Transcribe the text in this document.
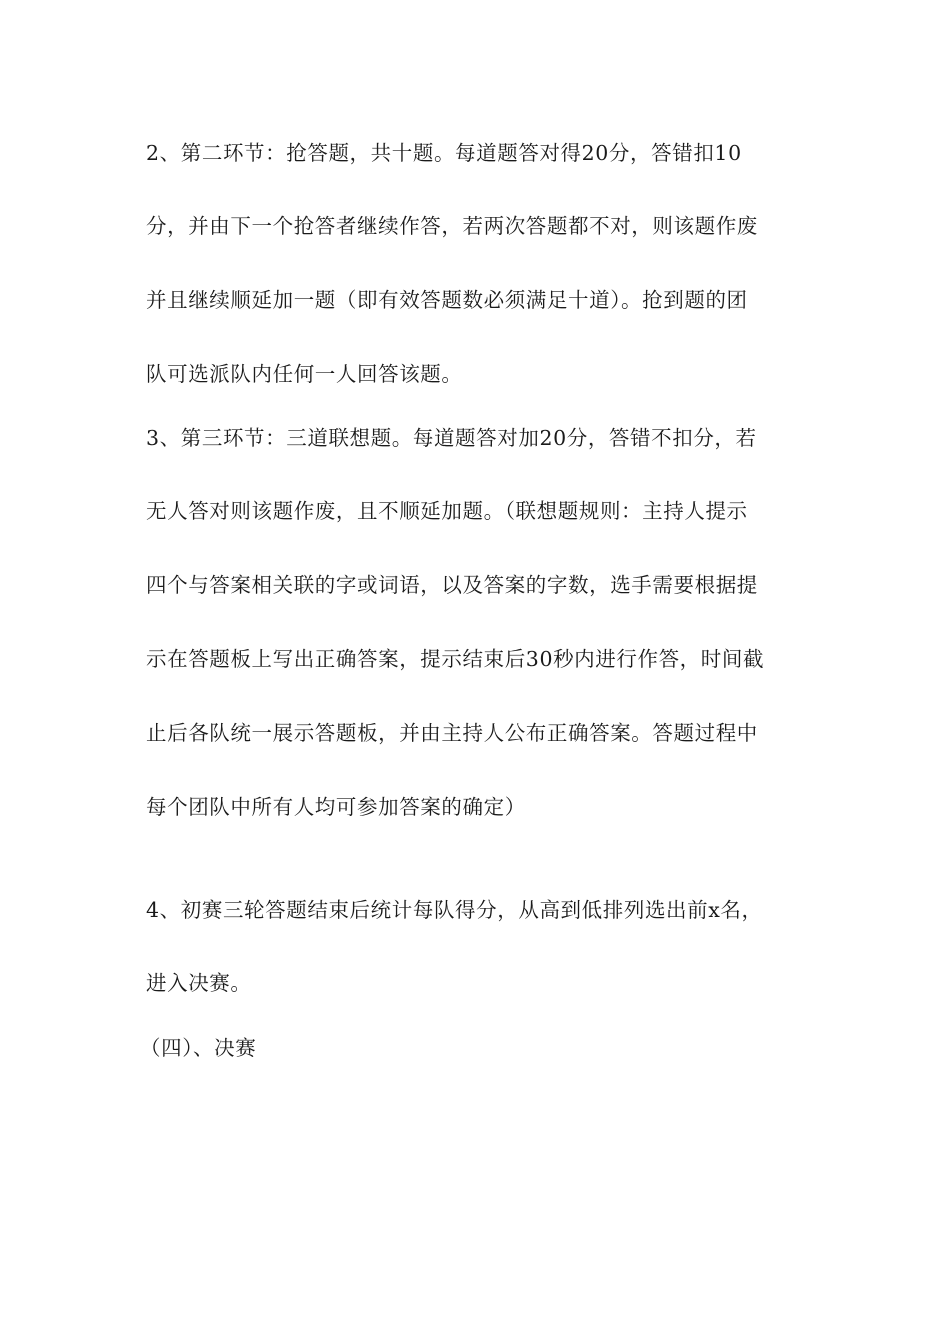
2、第二环节：抢答题，共十题。每道题答对得20分，答错扣10
分，并由下一个抢答者继续作答，若两次答题都不对，则该题作废
并且继续顺延加一题（即有效答题数必须满足十道）。抢到题的团
队可选派队内任何一人回答该题。
3、第三环节：三道联想题。每道题答对加20分，答错不扣分，若
无人答对则该题作废，且不顺延加题。（联想题规则：主持人提示
四个与答案相关联的字或词语，以及答案的字数，选手需要根据提
示在答题板上写出正确答案，提示结束后30秒内进行作答，时间截
止后各队统一展示答题板，并由主持人公布正确答案。答题过程中
每个团队中所有人均可参加答案的确定）
4、初赛三轮答题结束后统计每队得分，从高到低排列选出前x名，
进入决赛。
（四）、决赛
